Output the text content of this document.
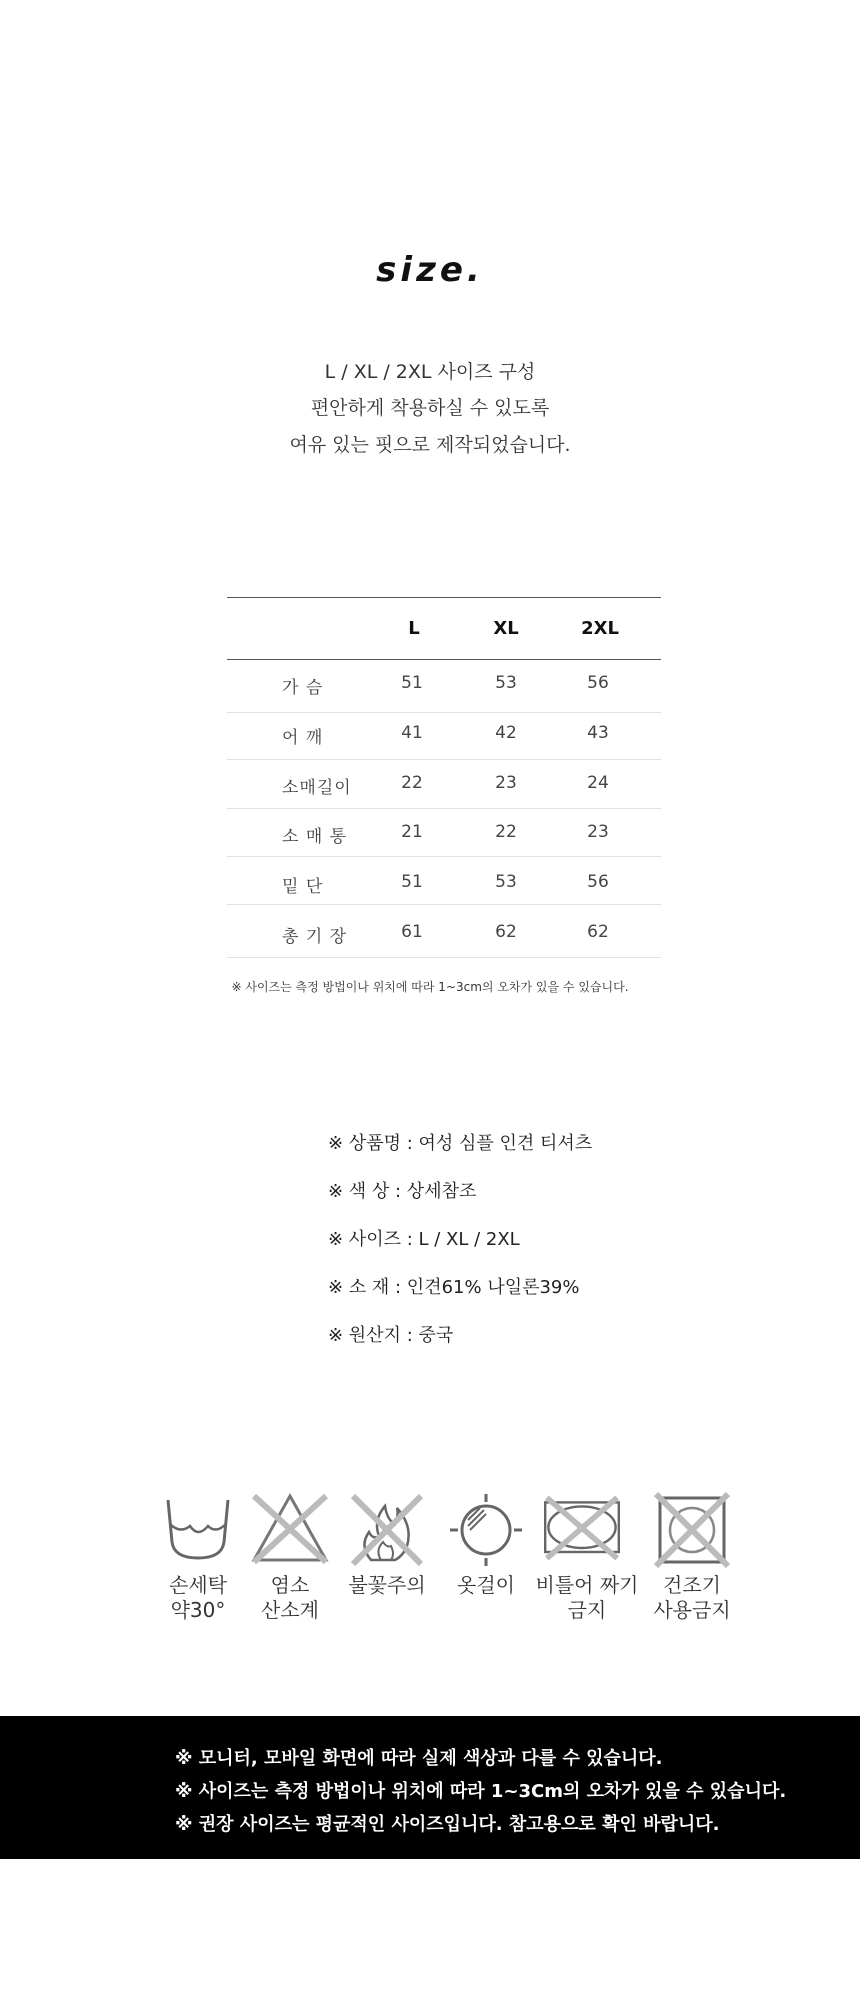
size.
L / XL / 2XL 사이즈 구성
편안하게 착용하실 수 있도록
여유 있는 핏으로 제작되었습니다.
L	XL	2XL
가 슴	51	53	56
어 깨	41	42	43
소매길이	22	23	24
소 매 통	21	22	23
밑 단	51	53	56
총 기 장	61	62	62
※ 사이즈는 측정 방법이나 위치에 따라 1~3cm의 오차가 있을 수 있습니다.
※ 상품명 : 여성 심플 인견 티셔츠
※ 색 상 : 상세참조
※ 사이즈 : L / XL / 2XL
※ 소 재 : 인견61% 나일론39%
※ 원산지 : 중국
손세탁
약30°
염소
산소계
불꽃주의	옷걸이	비틀어 짜기
금지
건조기
사용금지
※ 모니터, 모바일 화면에 따라 실제 색상과 다를 수 있습니다.
※ 사이즈는 측정 방법이나 위치에 따라 1~3Cm의 오차가 있을 수 있습니다.
※ 권장 사이즈는 평균적인 사이즈입니다. 참고용으로 확인 바랍니다.
